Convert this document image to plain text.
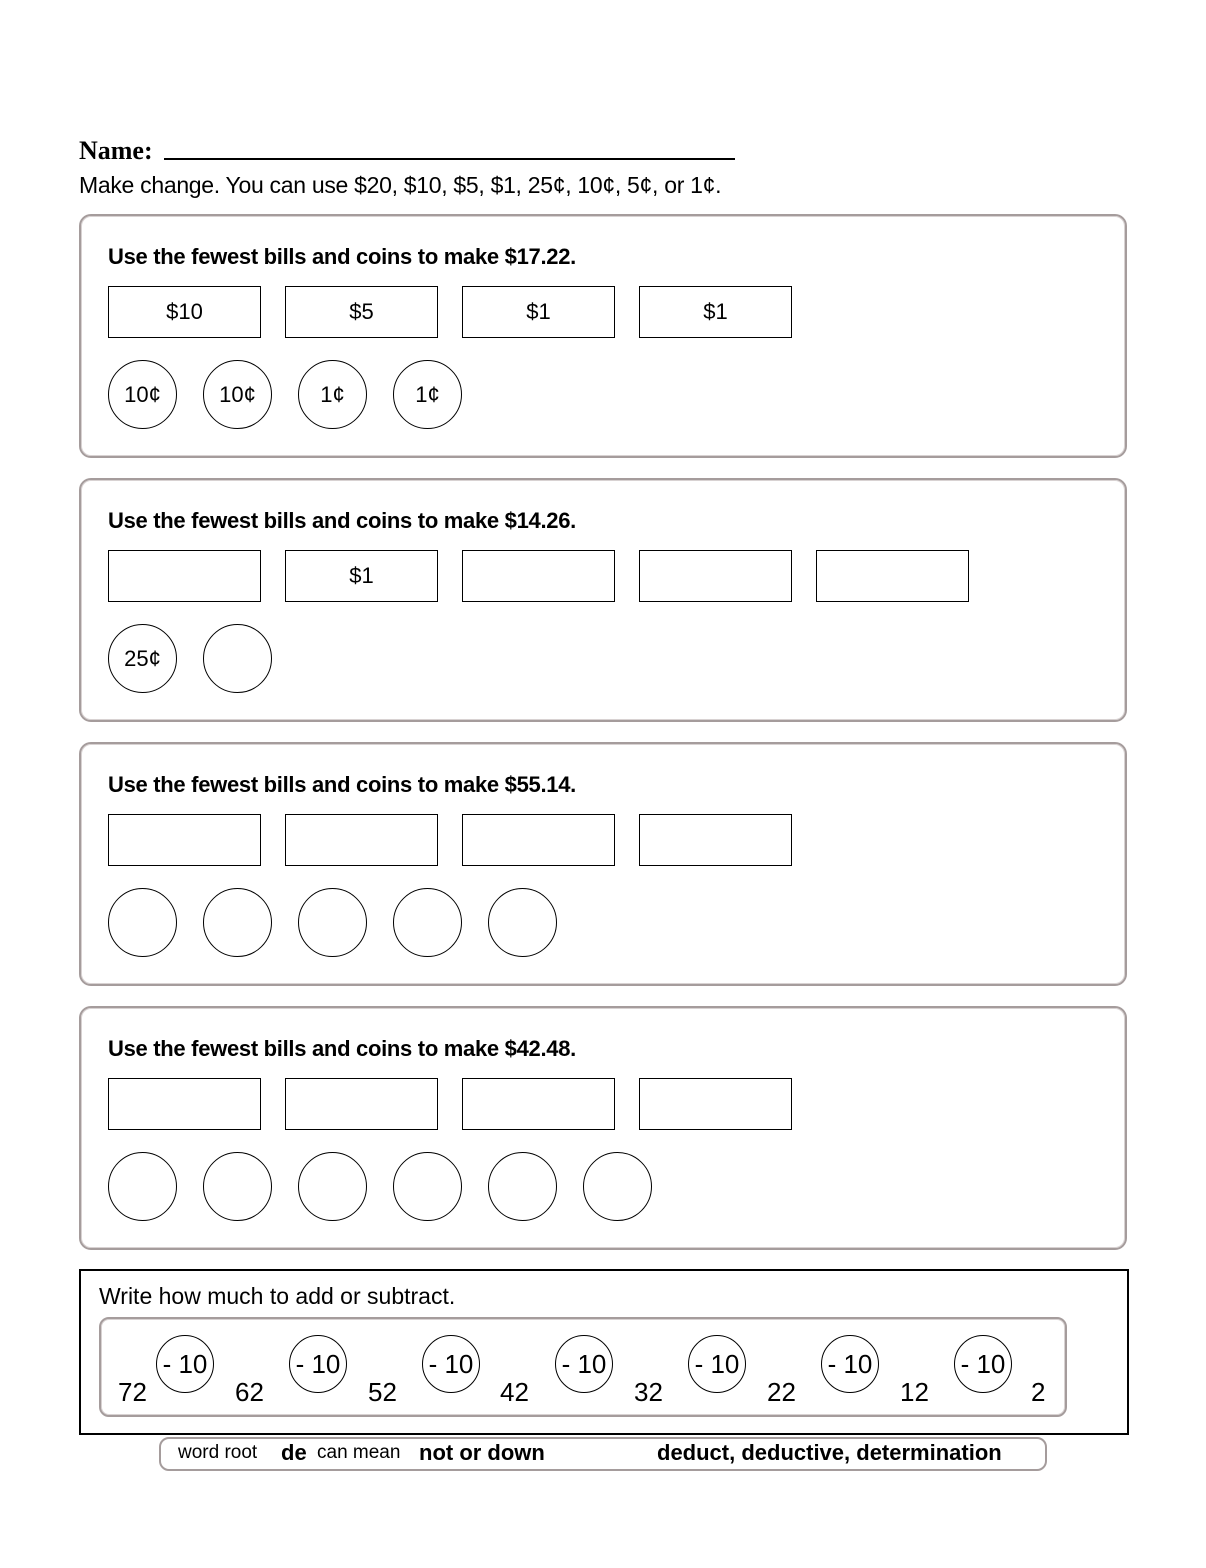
Name:
Make change. You can use $20, $10, $5, $1, 25¢, 10¢, 5¢, or 1¢.
Use the fewest bills and coins to make $17.22.
$10	$5	$1	$1
10¢	10¢	1¢	1¢
Use the fewest bills and coins to make $14.26.
$1
25¢
Use the fewest bills and coins to make $55.14.
Use the fewest bills and coins to make $42.48.
Write how much to add or subtract.
72	62	52	42	32	22	12	2
- 10	- 10	- 10	- 10	- 10	- 10	- 10
word root de can mean not or down	deduct, deductive, determination
